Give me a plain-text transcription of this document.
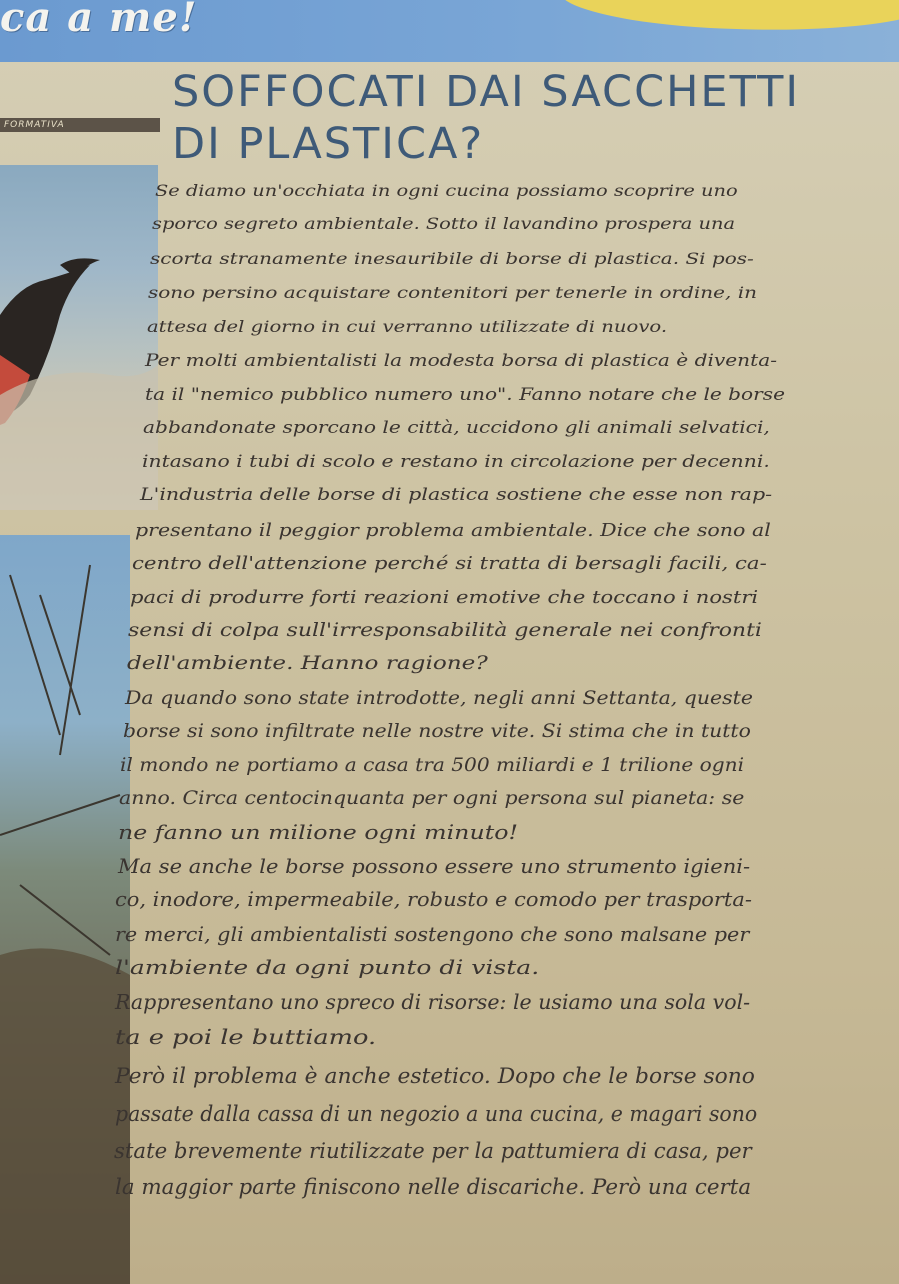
ca a me!
FORMATIVA
SOFFOCATI DAI SACCHETTI
DI PLASTICA?
Se diamo un'occhiata in ogni cucina possiamo scoprire uno
sporco segreto ambientale. Sotto il lavandino prospera una
scorta stranamente inesauribile di borse di plastica. Si pos-
sono persino acquistare contenitori per tenerle in ordine, in
attesa del giorno in cui verranno utilizzate di nuovo.
Per molti ambientalisti la modesta borsa di plastica è diventa-
ta il "nemico pubblico numero uno". Fanno notare che le borse
abbandonate sporcano le città, uccidono gli animali selvatici,
intasano i tubi di scolo e restano in circolazione per decenni.
L'industria delle borse di plastica sostiene che esse non rap-
presentano il peggior problema ambientale. Dice che sono al
centro dell'attenzione perché si tratta di bersagli facili, ca-
paci di produrre forti reazioni emotive che toccano i nostri
sensi di colpa sull'irresponsabilità generale nei confronti
dell'ambiente. Hanno ragione?
Da quando sono state introdotte, negli anni Settanta, queste
borse si sono infiltrate nelle nostre vite. Si stima che in tutto
il mondo ne portiamo a casa tra 500 miliardi e 1 trilione ogni
anno. Circa centocinquanta per ogni persona sul pianeta: se
ne fanno un milione ogni minuto!
Ma se anche le borse possono essere uno strumento igieni-
co, inodore, impermeabile, robusto e comodo per trasporta-
re merci, gli ambientalisti sostengono che sono malsane per
l'ambiente da ogni punto di vista.
Rappresentano uno spreco di risorse: le usiamo una sola vol-
ta e poi le buttiamo.
Però il problema è anche estetico. Dopo che le borse sono
passate dalla cassa di un negozio a una cucina, e magari sono
state brevemente riutilizzate per la pattumiera di casa, per
la maggior parte finiscono nelle discariche. Però una certa
